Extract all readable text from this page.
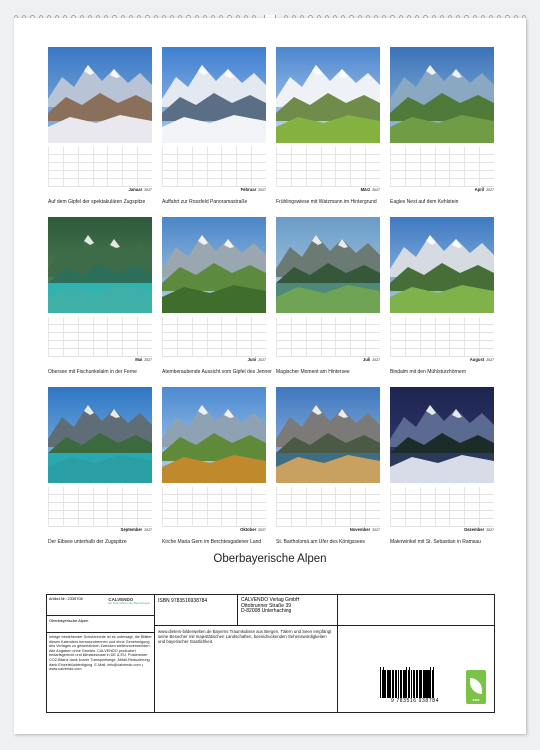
Januar 2027
Auf dem Gipfel der spektakulären Zugspitze
Februar 2027
Auffahrt zur Rossfeld Panoramastraße
März 2027
Frühlingswiese mit Watzmann im Hintergrund
April 2027
Eagles Nest auf dem Kehlstein
Mai 2027
Obersee mit Fischunkelalm in der Ferne
Juni 2027
Atemberaubende Aussicht vom Gipfel des Jenner
Juli 2027
Magischer Moment am Hintersee
August 2027
Bindalm mit den Mühlsturzhörnern
September 2027
Der Eibsee unterhalb der Zugspitze
Oktober 2027
Kirche Maria Gern im Berchtesgadener Land
November 2027
St. Bartholomä am Ufer des Königssees
Dezember 2027
Malerwinkel mit St. Sebastian in Ramsau
Oberbayerische Alpen
Artikel-Nr.: 2335708	CALVENDO
Ein Unternehmen der Ravensburger
Oberbayerische Alpen
Infolge bestehender Schutzrechte ist es untersagt, die Blätter dieses Kalenders herauszutrennen und ohne Genehmigung des Verlages zu gewerblichen Zwecken weiterzuverwenden. Alle Angaben ohne Gewähr. CALVENDO produziert bedarfsgerecht und klimabewusst in DE & EU. Posterware CO2-Bilanz dank kurzer Transportwege. Abfall-Reduzierung dank Einzelstückfertigung. E-Mail: info@calvendo.com • www.calvendo.com
ISBN 9783516938784	CALVENDO Verlag GmbH
Ottobrunner Straße 39
D-82008 Unterhaching
www.dieters-bilderwelten.de Bayerns Traumkulisse aus Bergen, Tälern und Seen empfängt seine Besucher mit majestätischen Landschaften, beeindruckenden Sehenswürdigkeiten und bayerischer Gastlichkeit.
9 783516 938784	eco
